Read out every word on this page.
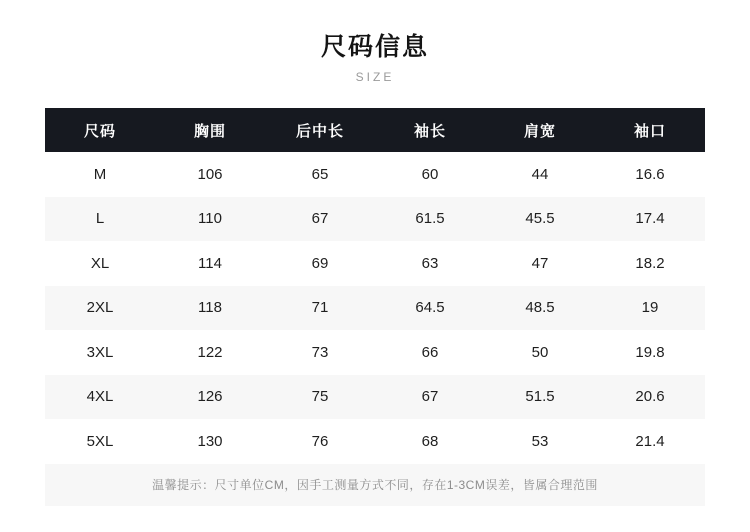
尺码信息
SIZE
尺码	胸围	后中长	袖长	肩宽	袖口
M	106	65	60	44	16.6
L	110	67	61.5	45.5	17.4
XL	114	69	63	47	18.2
2XL	118	71	64.5	48.5	19
3XL	122	73	66	50	19.8
4XL	126	75	67	51.5	20.6
5XL	130	76	68	53	21.4

温馨提示：尺寸单位CM，因手工测量方式不同，存在1-3CM误差，皆属合理范围					
